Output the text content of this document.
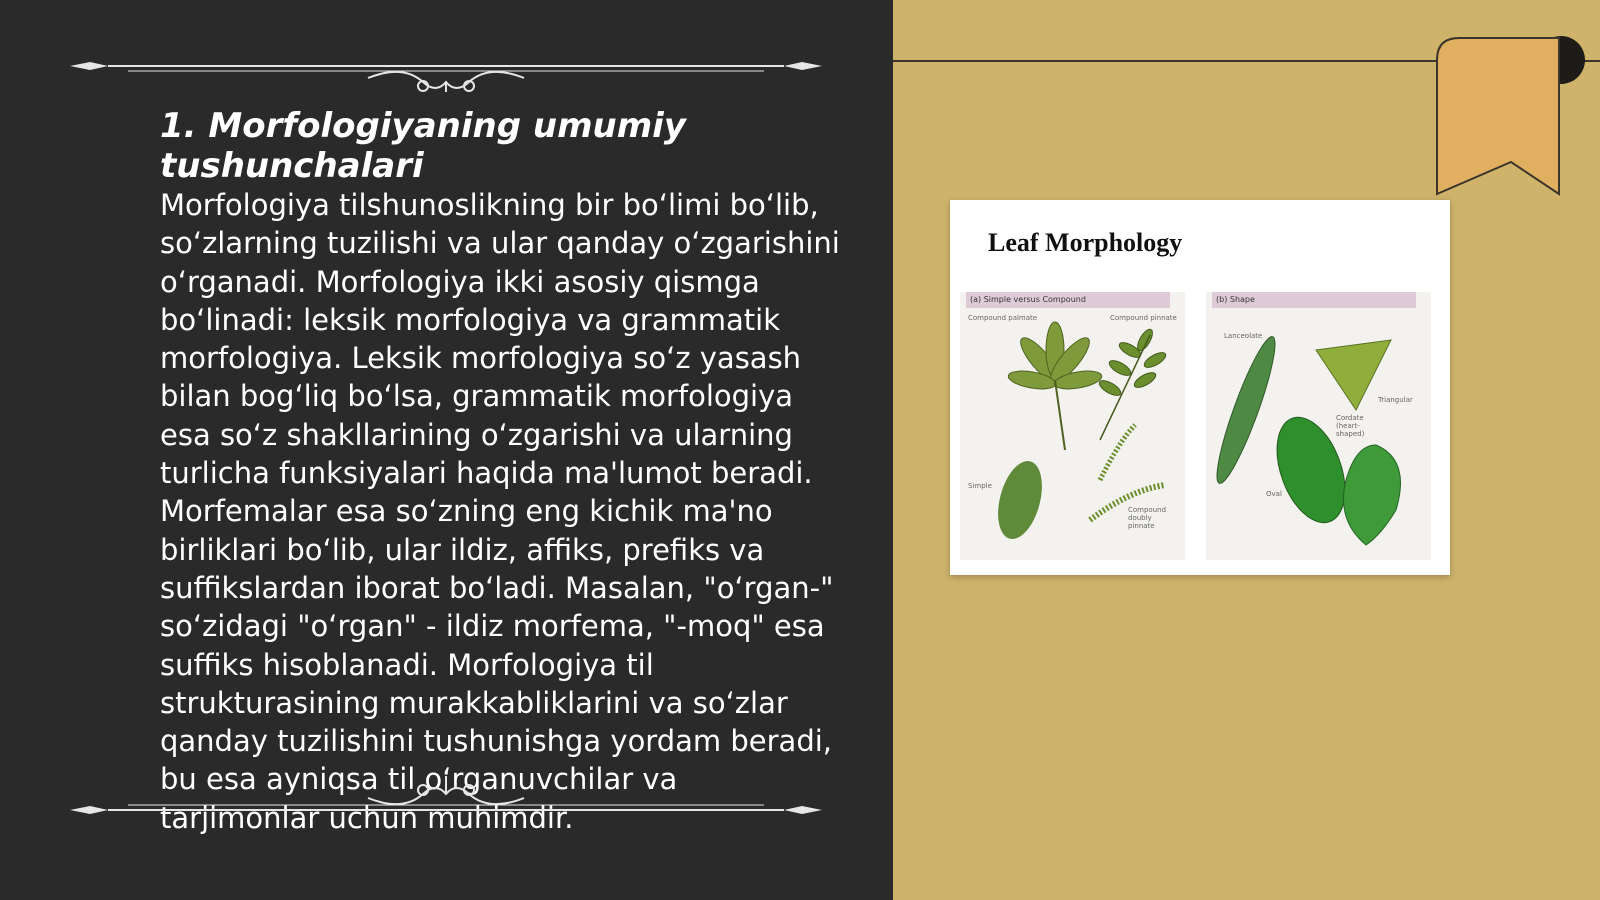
1. Morfologiyaning umumiy tushunchalari

Morfologiya tilshunoslikning bir bo‘limi bo‘lib, so‘zlarning tuzilishi va ular qanday o‘zgarishini o‘rganadi. Morfologiya ikki asosiy qismga bo‘linadi: leksik morfologiya va grammatik morfologiya. Leksik morfologiya so‘z yasash bilan bog‘liq bo‘lsa, grammatik morfologiya esa so‘z shakllarining o‘zgarishi va ularning turlicha funksiyalari haqida ma'lumot beradi. Morfemalar esa so‘zning eng kichik ma'no birliklari bo‘lib, ular ildiz, affiks, prefiks va suffikslardan iborat bo‘ladi. Masalan, "o‘rgan-" so‘zidagi "o‘rgan" - ildiz morfema, "-moq" esa suffiks hisoblanadi. Morfologiya til strukturasining murakkabliklarini va so‘zlar qanday tuzilishini tushunishga yordam beradi, bu esa ayniqsa til o‘rganuvchilar va tarjimonlar uchun muhimdir.

Leaf Morphology
(a) Simple versus Compound
Compound palmate	Compound pinnate
Simple
Compound doubly pinnate
(b) Shape
Lanceolate
Triangular
Cordate (heart-shaped)
Oval
